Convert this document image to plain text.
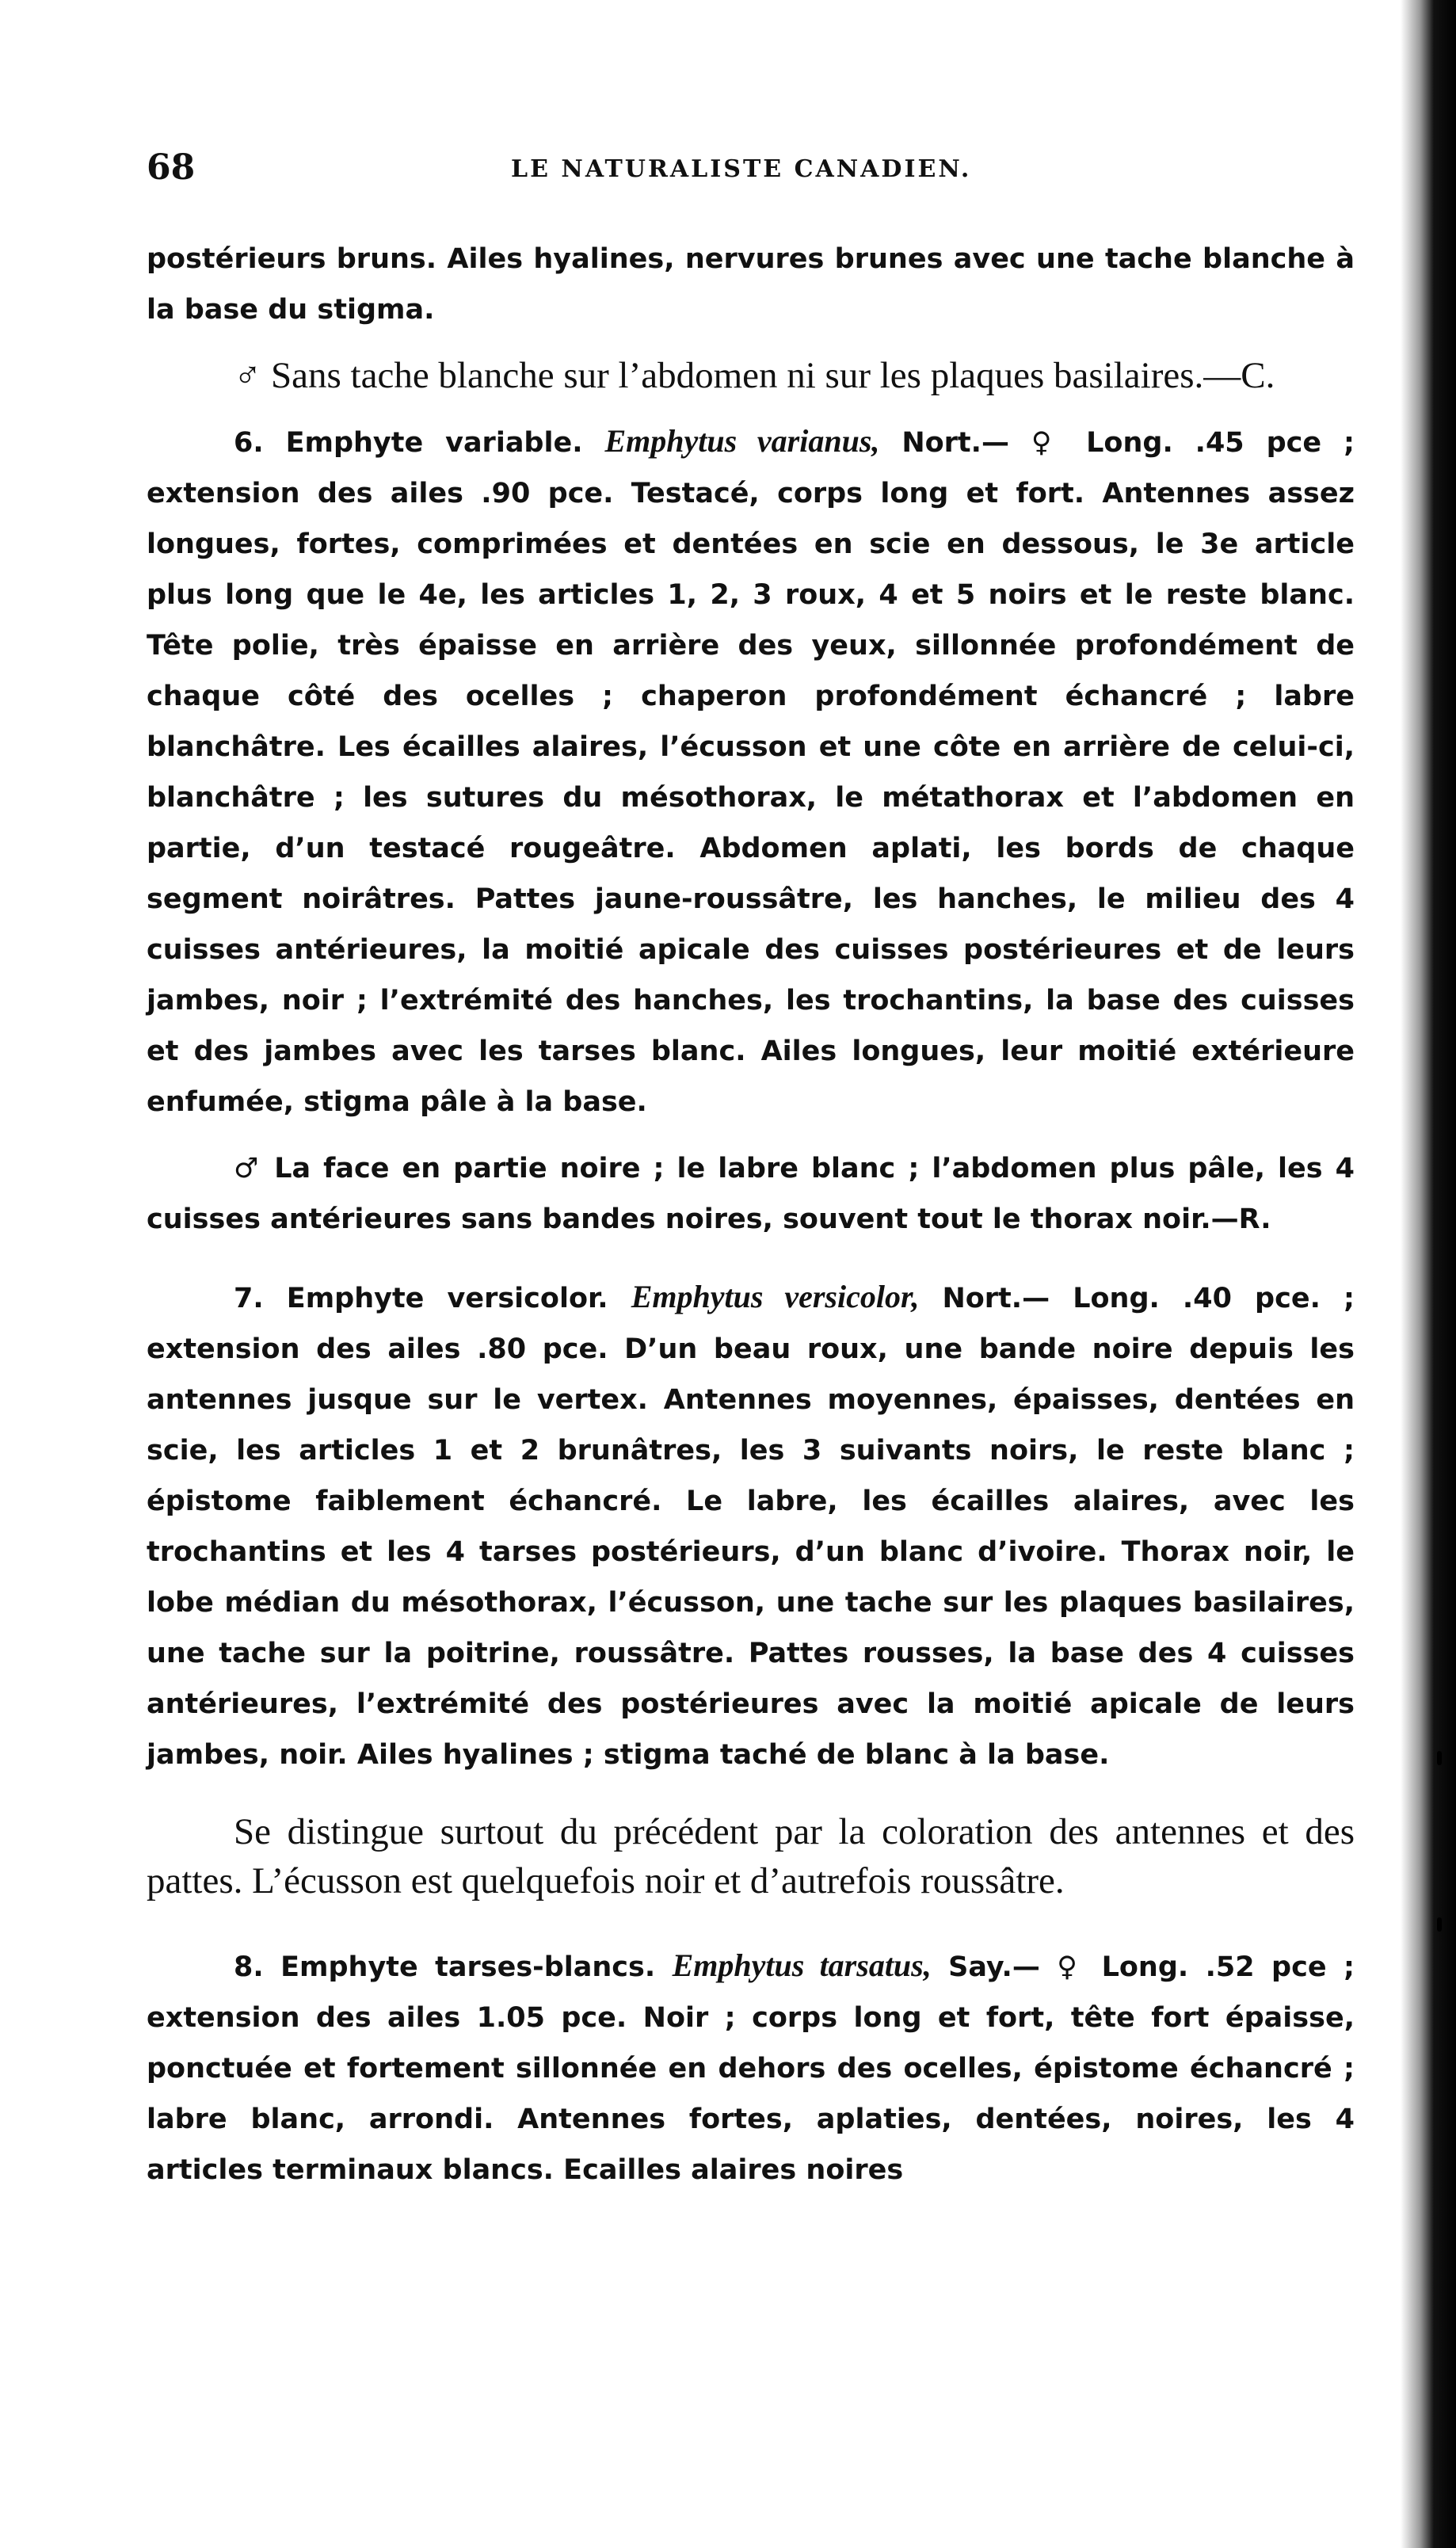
68	LE NATURALISTE CANADIEN.

postérieurs bruns. Ailes hyalines, nervures brunes avec une tache blanche à la base du stigma.

♂ Sans tache blanche sur l’abdomen ni sur les plaques basilaires.—C.

6. Emphyte variable. Emphytus varianus, Nort.— ♀ Long. .45 pce ; extension des ailes .90 pce. Testacé, corps long et fort. Antennes assez longues, fortes, comprimées et dentées en scie en dessous, le 3e article plus long que le 4e, les articles 1, 2, 3 roux, 4 et 5 noirs et le reste blanc. Tête polie, très épaisse en arrière des yeux, sillonnée profondément de chaque côté des ocelles ; chaperon profondément échancré ; labre blanchâtre. Les écailles alaires, l’écusson et une côte en arrière de celui-ci, blanchâtre ; les sutures du mésothorax, le métathorax et l’abdomen en partie, d’un testacé rougeâtre. Abdomen aplati, les bords de chaque segment noirâtres. Pattes jaune-roussâtre, les hanches, le milieu des 4 cuisses antérieures, la moitié apicale des cuisses postérieures et de leurs jambes, noir ; l’extrémité des hanches, les trochantins, la base des cuisses et des jambes avec les tarses blanc. Ailes longues, leur moitié extérieure enfumée, stigma pâle à la base.

♂ La face en partie noire ; le labre blanc ; l’abdomen plus pâle, les 4 cuisses antérieures sans bandes noires, souvent tout le thorax noir.—R.

7. Emphyte versicolor. Emphytus versicolor, Nort.— Long. .40 pce. ; extension des ailes .80 pce. D’un beau roux, une bande noire depuis les antennes jusque sur le vertex. Antennes moyennes, épaisses, dentées en scie, les articles 1 et 2 brunâtres, les 3 suivants noirs, le reste blanc ; épistome faiblement échancré. Le labre, les écailles alaires, avec les trochantins et les 4 tarses postérieurs, d’un blanc d’ivoire. Thorax noir, le lobe médian du mésothorax, l’écusson, une tache sur les plaques basilaires, une tache sur la poitrine, roussâtre. Pattes rousses, la base des 4 cuisses antérieures, l’extrémité des postérieures avec la moitié apicale de leurs jambes, noir. Ailes hyalines ; stigma taché de blanc à la base.

Se distingue surtout du précédent par la coloration des antennes et des pattes. L’écusson est quelquefois noir et d’autrefois roussâtre.

8. Emphyte tarses-blancs. Emphytus tarsatus, Say.— ♀ Long. .52 pce ; extension des ailes 1.05 pce. Noir ; corps long et fort, tête fort épaisse, ponctuée et fortement sillonnée en dehors des ocelles, épistome échancré ; labre blanc, arrondi. Antennes fortes, aplaties, dentées, noires, les 4 articles terminaux blancs. Ecailles alaires noires
